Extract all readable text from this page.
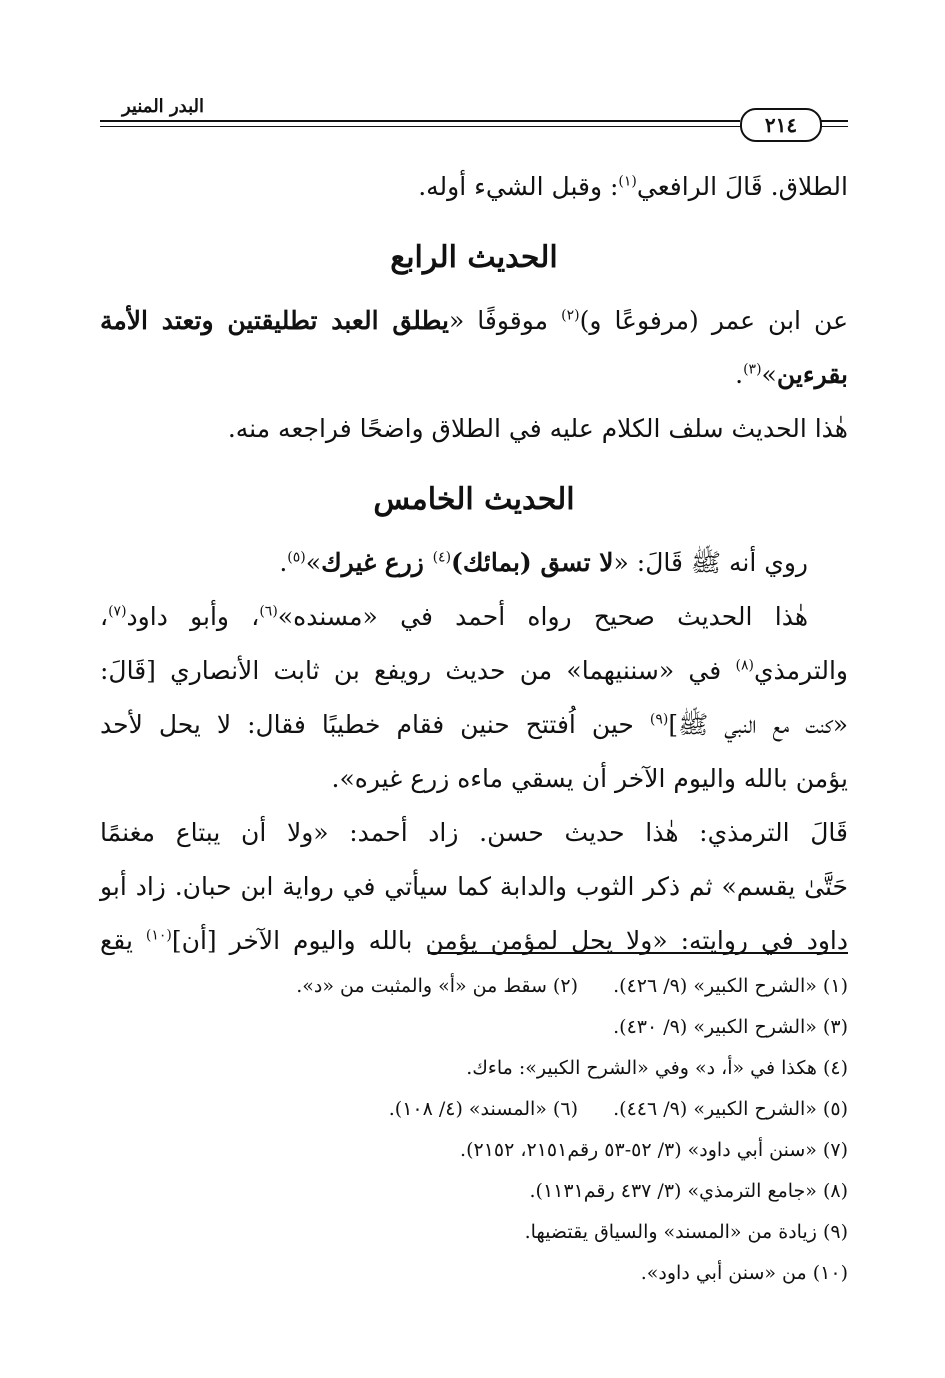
البدر المنير
٢١٤
الطلاق. قَالَ الرافعي$^{(١)}$: وقبل الشيء أوله.
الحديث الرابع
عن ابن عمر (مرفوعًا و)$^{(٢)}$ موقوفًا «يطلق العبد تطليقتين وتعتد الأمة
بقرءين»$^{(٣)}$.
هٰذا الحديث سلف الكلام عليه في الطلاق واضحًا فراجعه منه.
الحديث الخامس
روي أنه ﷺ قَالَ: «لا تسق (بمائك)$^{(٤)}$ زرع غيرك»$^{(٥)}$.
هٰذا الحديث صحيح رواه أحمد في «مسنده»$^{(٦)}$، وأبو داود$^{(٧)}$،
والترمذي$^{(٨)}$ في «سننيهما» من حديث رويفع بن ثابت الأنصاري [قَالَ:
«كنت مع النبي ﷺ]$^{(٩)}$ حين اُفتتح حنين فقام خطيبًا فقال: لا يحل لأحد
يؤمن بالله واليوم الآخر أن يسقي ماءه زرع غيره».
قَالَ الترمذي: هٰذا حديث حسن. زاد أحمد: «ولا أن يبتاع مغنمًا
حَتَّىٰ يقسم» ثم ذكر الثوب والدابة كما سيأتي في رواية ابن حبان. زاد أبو
داود في روايته: «ولا يحل لمؤمن يؤمن بالله واليوم الآخر [أن]$^{(١٠)}$ يقع
(١) «الشرح الكبير» (٩/ ٤٢٦).
(٢) سقط من «أ» والمثبت من «د».
(٣) «الشرح الكبير» (٩/ ٤٣٠).
(٤) هكذا في «أ، د» وفي «الشرح الكبير»: ماءك.
(٥) «الشرح الكبير» (٩/ ٤٤٦).
(٦) «المسند» (٤/ ١٠٨).
(٧) «سنن أبي داود» (٣/ ٥٢-٥٣ رقم٢١٥١، ٢١٥٢).
(٨) «جامع الترمذي» (٣/ ٤٣٧ رقم١١٣١).
(٩) زيادة من «المسند» والسياق يقتضيها.
(١٠) من «سنن أبي داود».
